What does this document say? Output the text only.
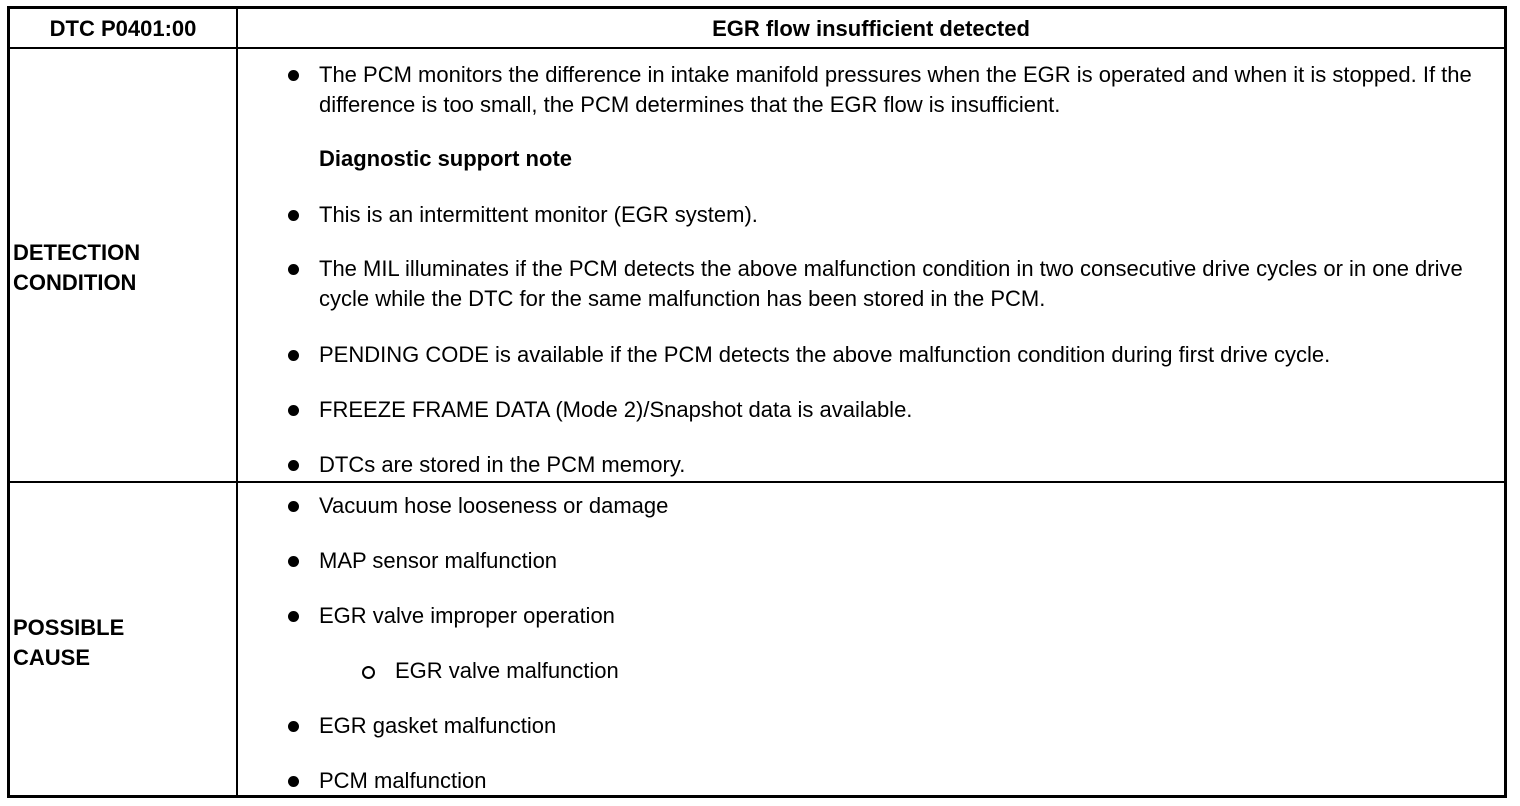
DTC P0401:00	EGR flow insufficient detected
DETECTION
CONDITION
The PCM monitors the difference in intake manifold pressures when the EGR is operated and when it is stopped. If the difference is too small, the PCM determines that the EGR flow is insufficient.
Diagnostic support note
This is an intermittent monitor (EGR system).
The MIL illuminates if the PCM detects the above malfunction condition in two consecutive drive cycles or in one drive cycle while the DTC for the same malfunction has been stored in the PCM.
PENDING CODE is available if the PCM detects the above malfunction condition during first drive cycle.
FREEZE FRAME DATA (Mode 2)/Snapshot data is available.
DTCs are stored in the PCM memory.
POSSIBLE
CAUSE
Vacuum hose looseness or damage
MAP sensor malfunction
EGR valve improper operation
EGR valve malfunction
EGR gasket malfunction
PCM malfunction
